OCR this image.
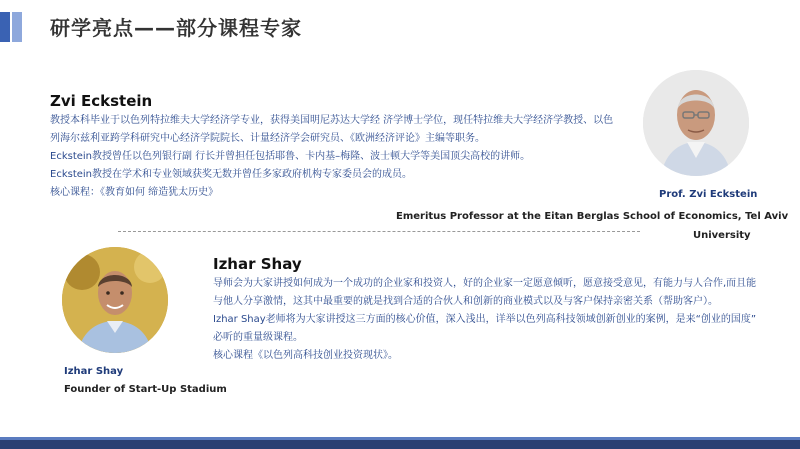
研学亮点——部分课程专家
Zvi Eckstein
教授本科毕业于以色列特拉维夫大学经济学专业，获得美国明尼苏达大学经 济学博士学位，现任特拉维夫大学经济学教授、以色
列海尔兹利亚跨学科研究中心经济学院院长、计量经济学会研究员、《欧洲经济评论》主编等职务。
Eckstein教授曾任以色列银行副 行长并曾担任包括耶鲁、卡内基–梅隆、波士顿大学等美国顶尖高校的讲师。
Eckstein教授在学术和专业领域获奖无数并曾任多家政府机构专家委员会的成员。
核心课程：《教育如何 缔造犹太历史》	Prof. Zvi Eckstein
Emeritus Professor at the Eitan Berglas School of Economics, Tel Aviv
University
Izhar Shay
导师会为大家讲授如何成为一个成功的企业家和投资人，好的企业家一定愿意倾听，愿意接受意见，有能力与人合作,而且能
与他人分享激情，这其中最重要的就是找到合适的合伙人和创新的商业模式以及与客户保持亲密关系（帮助客户）。
Izhar Shay老师将为大家讲授这三方面的核心价值，深入浅出，详举以色列高科技领域创新创业的案例，是来“创业的国度”
必听的重量级课程。
核心课程《以色列高科技创业投资现状》。
Izhar Shay
Founder of Start-Up Stadium
